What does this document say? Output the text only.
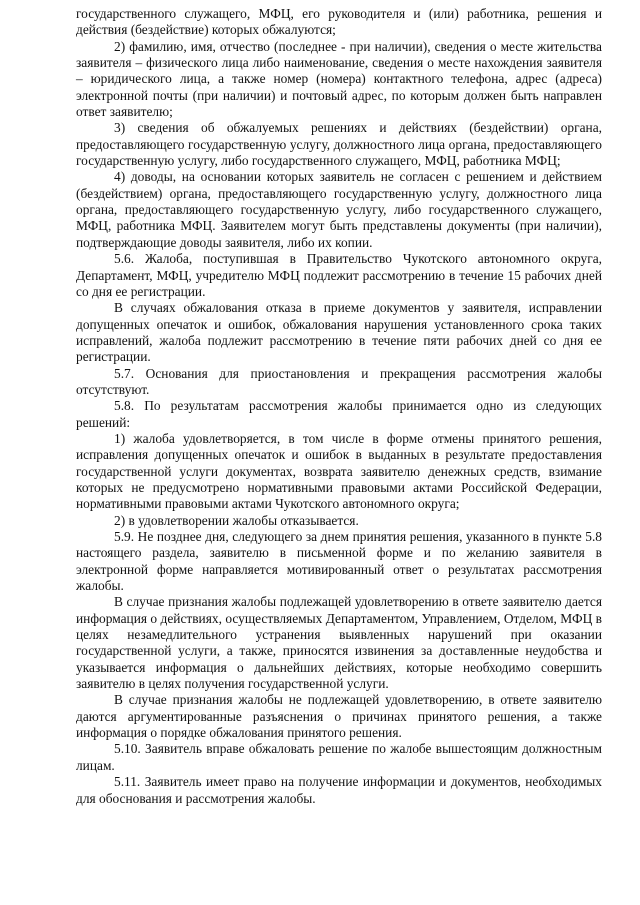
государственного служащего, МФЦ, его руководителя и (или) работника, решения и действия (бездействие) которых обжалуются;

2) фамилию, имя, отчество (последнее - при наличии), сведения о месте жительства заявителя – физического лица либо наименование, сведения о месте нахождения заявителя – юридического лица, а также номер (номера) контактного телефона, адрес (адреса) электронной почты (при наличии) и почтовый адрес, по которым должен быть направлен ответ заявителю;

3) сведения об обжалуемых решениях и действиях (бездействии) органа, предоставляющего государственную услугу, должностного лица органа, предоставляющего государственную услугу, либо государственного служащего, МФЦ, работника МФЦ;

4) доводы, на основании которых заявитель не согласен с решением и действием (бездействием) органа, предоставляющего государственную услугу, должностного лица органа, предоставляющего государственную услугу, либо государственного служащего, МФЦ, работника МФЦ. Заявителем могут быть представлены документы (при наличии), подтверждающие доводы заявителя, либо их копии.

5.6. Жалоба, поступившая в Правительство Чукотского автономного округа, Департамент, МФЦ, учредителю МФЦ подлежит рассмотрению в течение 15 рабочих дней со дня ее регистрации.

В случаях обжалования отказа в приеме документов у заявителя, исправлении допущенных опечаток и ошибок, обжалования нарушения установленного срока таких исправлений, жалоба подлежит рассмотрению в течение пяти рабочих дней со дня ее регистрации.

5.7. Основания для приостановления и прекращения рассмотрения жалобы отсутствуют.

5.8. По результатам рассмотрения жалобы принимается одно из следующих решений:

1) жалоба удовлетворяется, в том числе в форме отмены принятого решения, исправления допущенных опечаток и ошибок в выданных в результате предоставления государственной услуги документах, возврата заявителю денежных средств, взимание которых не предусмотрено нормативными правовыми актами Российской Федерации, нормативными правовыми актами Чукотского автономного округа;

2) в удовлетворении жалобы отказывается.

5.9. Не позднее дня, следующего за днем принятия решения, указанного в пункте 5.8 настоящего раздела, заявителю в письменной форме и по желанию заявителя в электронной форме направляется мотивированный ответ о результатах рассмотрения жалобы.

В случае признания жалобы подлежащей удовлетворению в ответе заявителю дается информация о действиях, осуществляемых Департаментом, Управлением, Отделом, МФЦ в целях незамедлительного устранения выявленных нарушений при оказании государственной услуги, а также, приносятся извинения за доставленные неудобства и указывается информация о дальнейших действиях, которые необходимо совершить заявителю в целях получения государственной услуги.

В случае признания жалобы не подлежащей удовлетворению, в ответе заявителю даются аргументированные разъяснения о причинах принятого решения, а также информация о порядке обжалования принятого решения.

5.10. Заявитель вправе обжаловать решение по жалобе вышестоящим должностным лицам.

5.11. Заявитель имеет право на получение информации и документов, необходимых для обоснования и рассмотрения жалобы.
